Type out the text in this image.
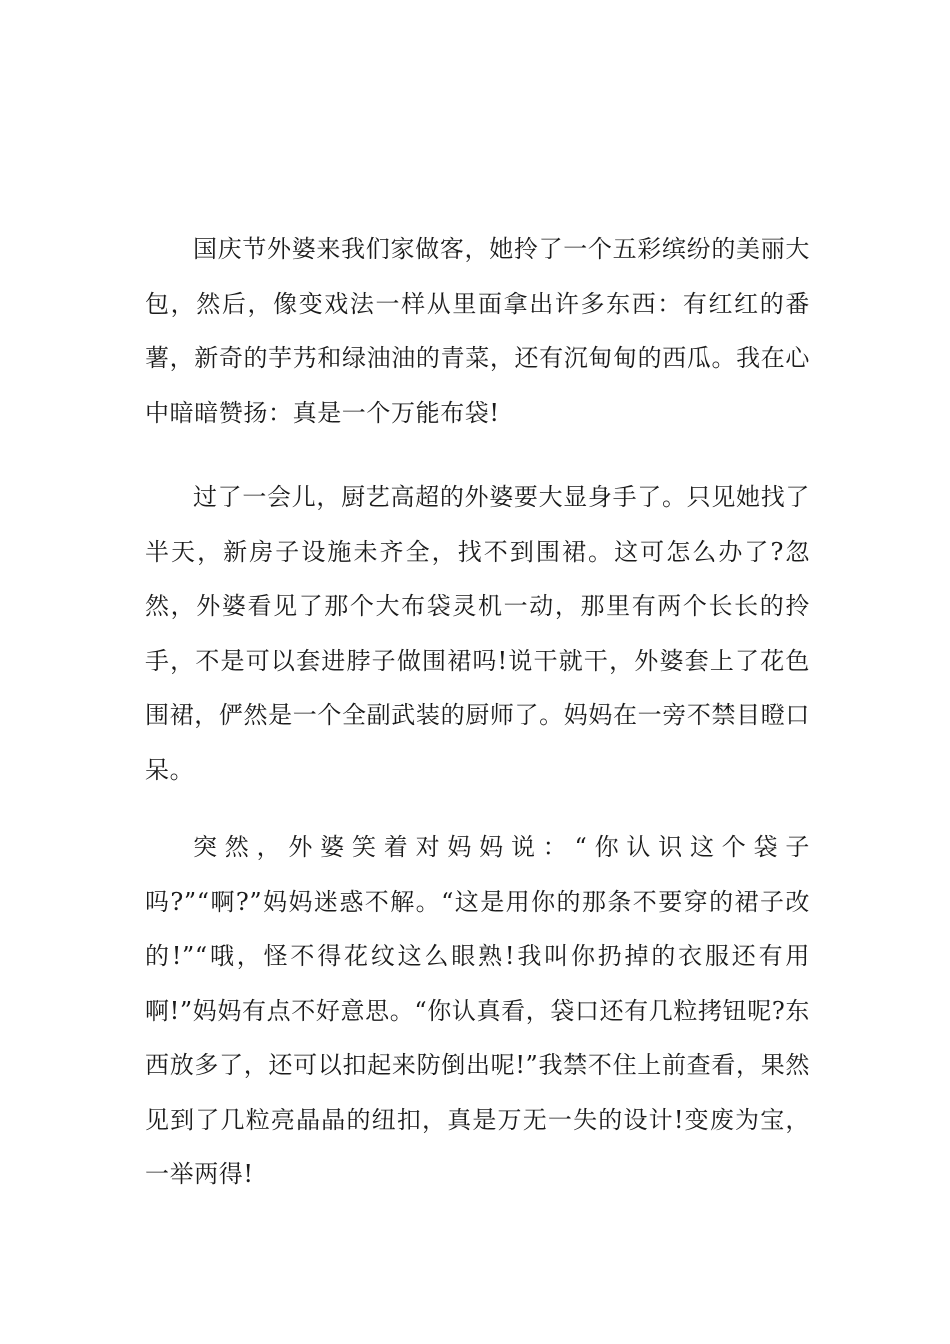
国庆节外婆来我们家做客，她拎了一个五彩缤纷的美丽大包，然后，像变戏法一样从里面拿出许多东西：有红红的番薯，新奇的芋艿和绿油油的青菜，还有沉甸甸的西瓜。我在心中暗暗赞扬：真是一个万能布袋!

过了一会儿，厨艺高超的外婆要大显身手了。只见她找了半天，新房子设施未齐全，找不到围裙。这可怎么办了?忽然，外婆看见了那个大布袋灵机一动，那里有两个长长的拎手，不是可以套进脖子做围裙吗!说干就干，外婆套上了花色围裙，俨然是一个全副武装的厨师了。妈妈在一旁不禁目瞪口呆。

突然，外婆笑着对妈妈说：“你认识这个袋子吗?”“啊?”妈妈迷惑不解。“这是用你的那条不要穿的裙子改的!”“哦，怪不得花纹这么眼熟!我叫你扔掉的衣服还有用啊!”妈妈有点不好意思。“你认真看，袋口还有几粒拷钮呢?东西放多了，还可以扣起来防倒出呢!”我禁不住上前查看，果然见到了几粒亮晶晶的纽扣，真是万无一失的设计!变废为宝，一举两得!
